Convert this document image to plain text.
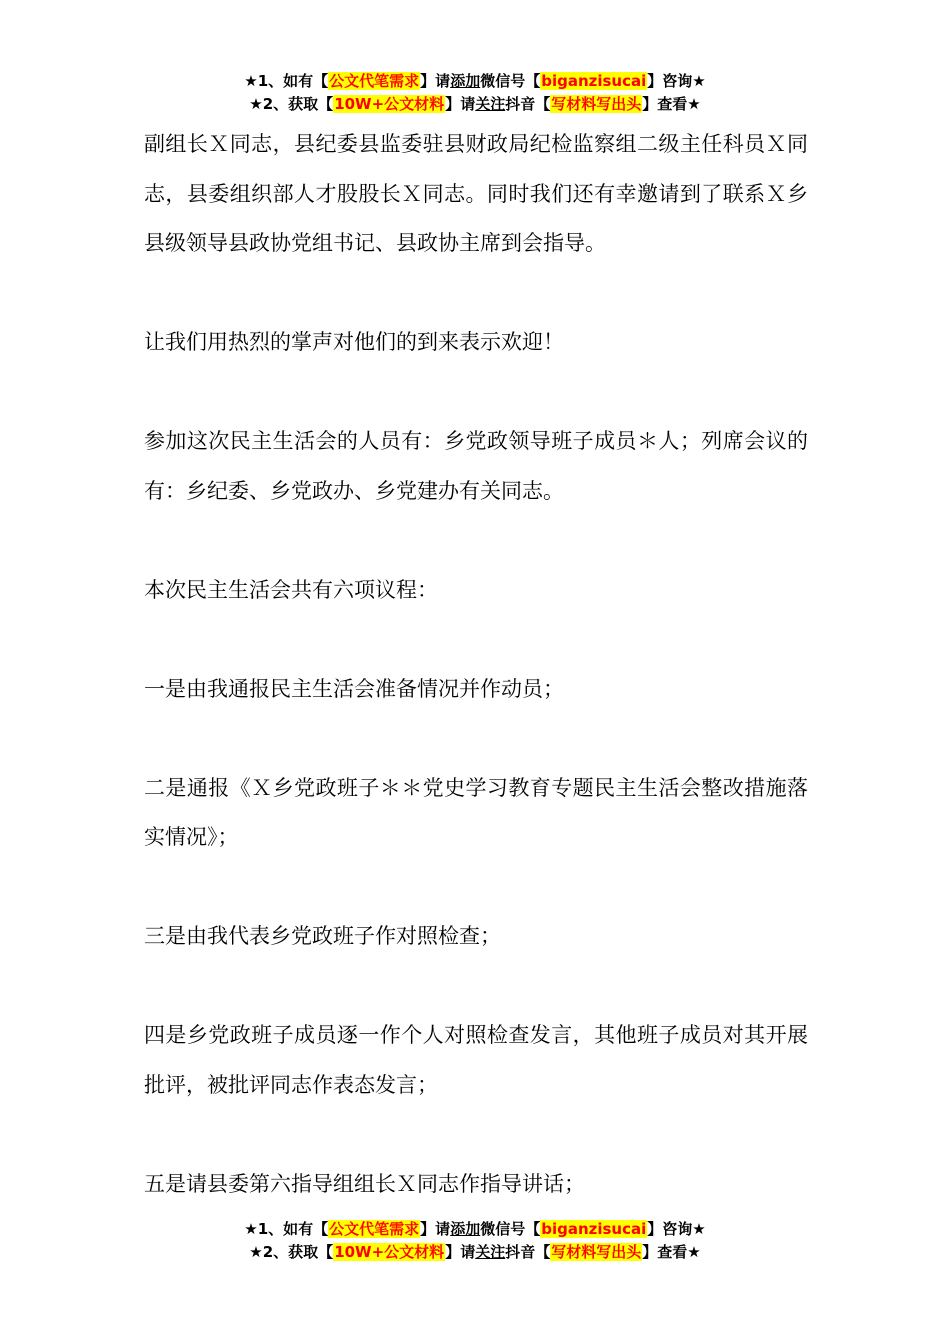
★1、如有【公文代笔需求】请添加微信号【biganzisucai】咨询★
★2、获取【10W+公文材料】请关注抖音【写材料写出头】查看★

副组长Ｘ同志，县纪委县监委驻县财政局纪检监察组二级主任科员Ｘ同志，县委组织部人才股股长Ｘ同志。同时我们还有幸邀请到了联系Ｘ乡县级领导县政协党组书记、县政协主席到会指导。

让我们用热烈的掌声对他们的到来表示欢迎！

参加这次民主生活会的人员有：乡党政领导班子成员＊人；列席会议的有：乡纪委、乡党政办、乡党建办有关同志。

本次民主生活会共有六项议程：

一是由我通报民主生活会准备情况并作动员；

二是通报《Ｘ乡党政班子＊＊党史学习教育专题民主生活会整改措施落实情况》；

三是由我代表乡党政班子作对照检查；

四是乡党政班子成员逐一作个人对照检查发言，其他班子成员对其开展批评，被批评同志作表态发言；

五是请县委第六指导组组长Ｘ同志作指导讲话；

★1、如有【公文代笔需求】请添加微信号【biganzisucai】咨询★
★2、获取【10W+公文材料】请关注抖音【写材料写出头】查看★
